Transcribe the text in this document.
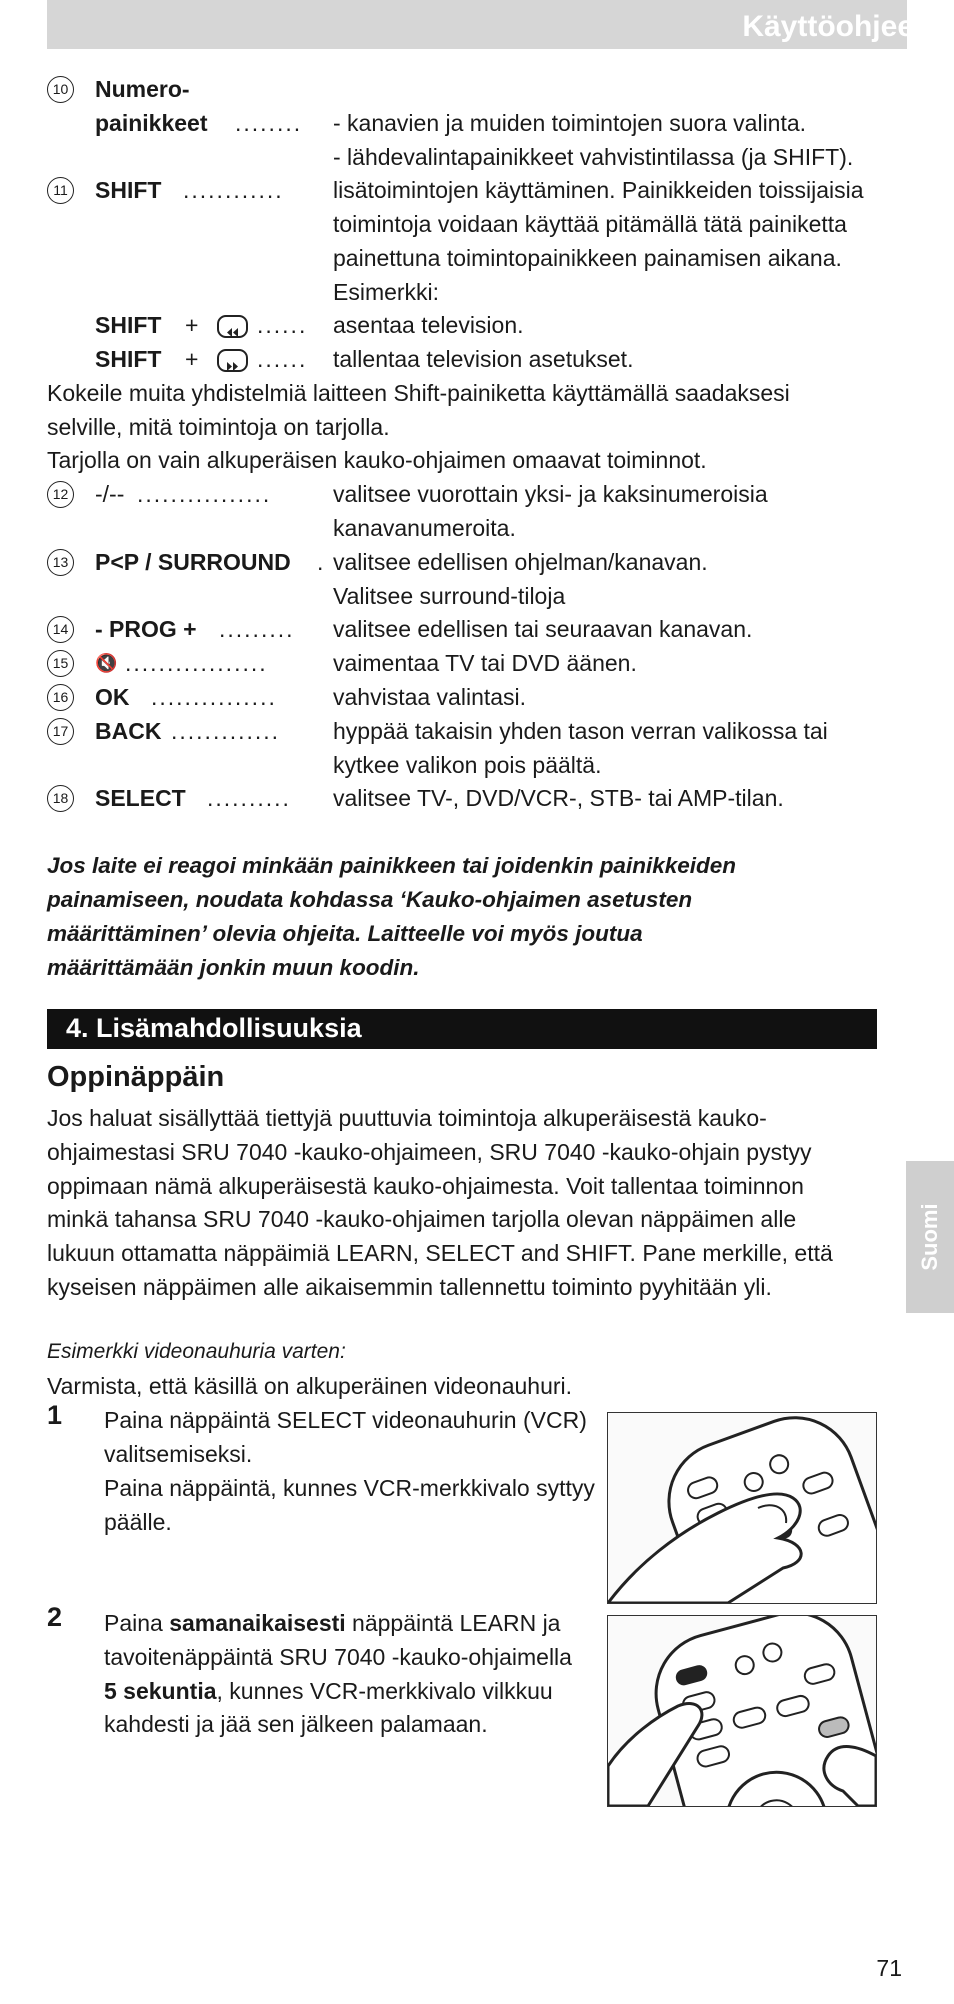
Käyttöohjeet
10 Numero-
painikkeet ........ - kanavien ja muiden toimintojen suora valinta.
- lähdevalintapainikkeet vahvistintilassa (ja SHIFT).
11 SHIFT ............ lisätoimintojen käyttäminen. Painikkeiden toissijaisia
toimintoja voidaan käyttää pitämällä tätä painiketta
painettuna toimintopainikkeen painamisen aikana.
Esimerkki:
SHIFT +	...... asentaa television.
SHIFT +	...... tallentaa television asetukset.
Kokeile muita yhdistelmiä laitteen Shift-painiketta käyttämällä saadaksesi
selville, mitä toimintoja on tarjolla.
Tarjolla on vain alkuperäisen kauko-ohjaimen omaavat toiminnot.
12 -/-- ................	valitsee vuorottain yksi- ja kaksinumeroisia
kanavanumeroita.
13 P<P / SURROUND . valitsee edellisen ohjelman/kanavan.
Valitsee surround-tiloja
14 - PROG + ......... valitsee edellisen tai seuraavan kanavan.
15	🔇 .................	vaimentaa TV tai DVD äänen.
16 OK ............... vahvistaa valintasi.
17 BACK ............. hyppää takaisin yhden tason verran valikossa tai
kytkee valikon pois päältä.
18 SELECT .......... valitsee TV-, DVD/VCR-, STB- tai AMP-tilan.
Jos laite ei reagoi minkään painikkeen tai joidenkin painikkeiden
painamiseen, noudata kohdassa ‘Kauko-ohjaimen asetusten
määrittäminen’ olevia ohjeita. Laitteelle voi myös joutua
määrittämään jonkin muun koodin.
4. Lisämahdollisuuksia
Oppinäppäin
Jos haluat sisällyttää tiettyjä puuttuvia toimintoja alkuperäisestä kauko-
ohjaimestasi SRU 7040 -kauko-ohjaimeen, SRU 7040 -kauko-ohjain pystyy
oppimaan nämä alkuperäisestä kauko-ohjaimesta. Voit tallentaa toiminnon
minkä tahansa SRU 7040 -kauko-ohjaimen tarjolla olevan näppäimen alle
lukuun ottamatta näppäimiä LEARN, SELECT and SHIFT. Pane merkille, että
kyseisen näppäimen alle aikaisemmin tallennettu toiminto pyyhitään yli.
Suomi
Esimerkki videonauhuria varten:
Varmista, että käsillä on alkuperäinen videonauhuri.
1 Paina näppäintä SELECT videonauhurin (VCR)
valitsemiseksi.
Paina näppäintä, kunnes VCR-merkkivalo syttyy
päälle.
2 Paina samanaikaisesti näppäintä LEARN ja
tavoitenäppäintä SRU 7040 -kauko-ohjaimella
5 sekuntia, kunnes VCR-merkkivalo vilkkuu
kahdesti ja jää sen jälkeen palamaan.
71
